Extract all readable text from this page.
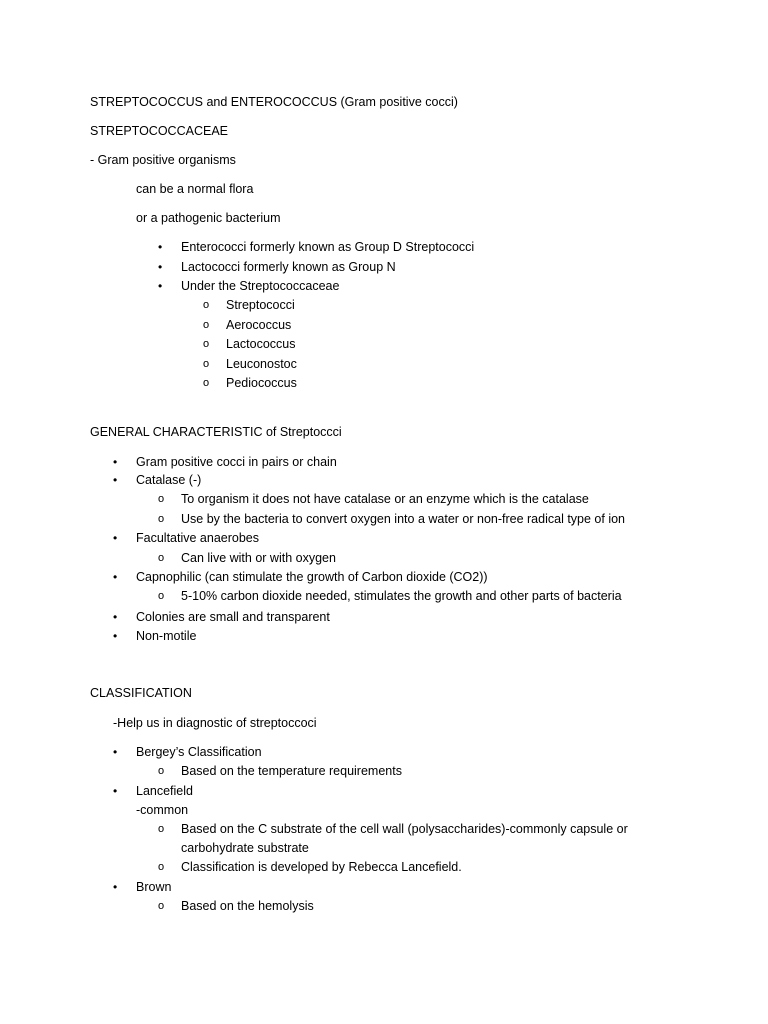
STREPTOCOCCUS and ENTEROCOCCUS (Gram positive cocci)
STREPTOCOCCACEAE
- Gram positive organisms
can be a normal flora
or a pathogenic bacterium
• Enterococci formerly known as Group D Streptococci
• Lactococci formerly known as Group N
• Under the Streptococcaceae
o Streptococci
o Aerococcus
o Lactococcus
o Leuconostoc
o Pediococcus
GENERAL CHARACTERISTIC of Streptoccci
• Gram positive cocci in pairs or chain
• Catalase (-)
o To organism it does not have catalase or an enzyme which is the catalase
o Use by the bacteria to convert oxygen into a water or non-free radical type of ion
• Facultative anaerobes
o Can live with or with oxygen
• Capnophilic (can stimulate the growth of Carbon dioxide (CO2))
o 5-10% carbon dioxide needed, stimulates the growth and other parts of bacteria
• Colonies are small and transparent
• Non-motile
CLASSIFICATION
-Help us in diagnostic of streptoccoci
• Bergey’s Classification
o Based on the temperature requirements
• Lancefield
-common
o Based on the C substrate of the cell wall (polysaccharides)-commonly capsule or
carbohydrate substrate
o Classification is developed by Rebecca Lancefield.
• Brown
o Based on the hemolysis
